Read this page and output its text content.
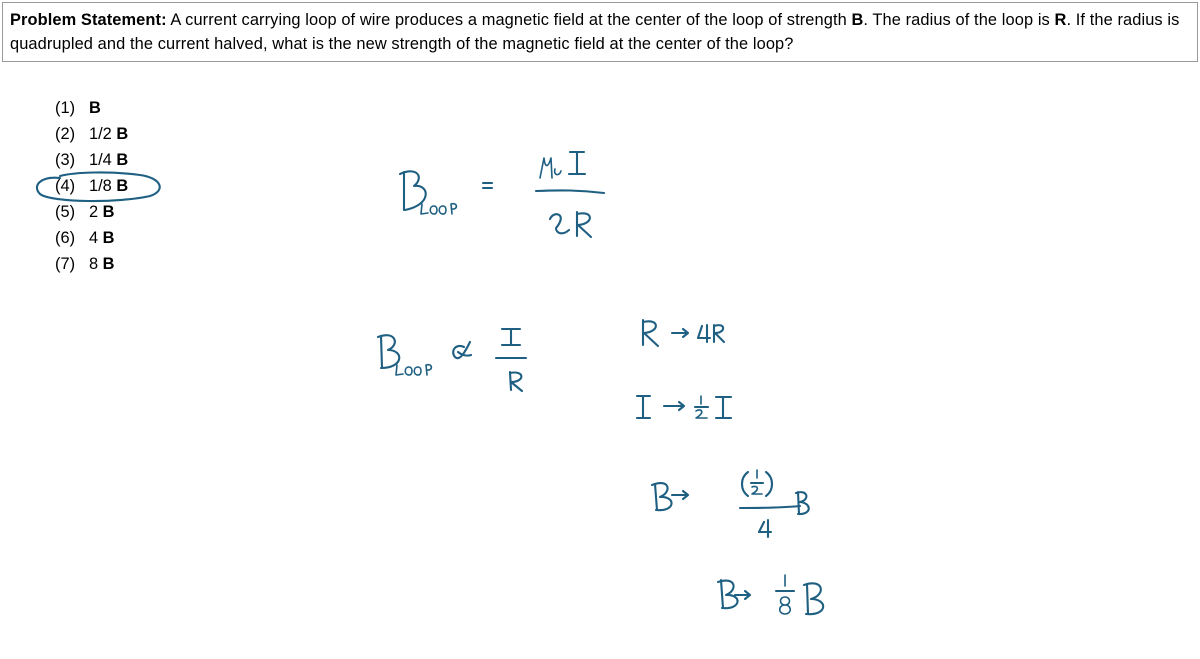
Problem Statement: A current carrying loop of wire produces a magnetic field at the center of the loop of strength B. The radius of the loop is R. If the radius is quadrupled and the current halved, what is the new strength of the magnetic field at the center of the loop?
(1) B
(2) 1/2 B
(3) 1/4 B
(4) 1/8 B
(5) 2 B
(6) 4 B
(7) 8 B
